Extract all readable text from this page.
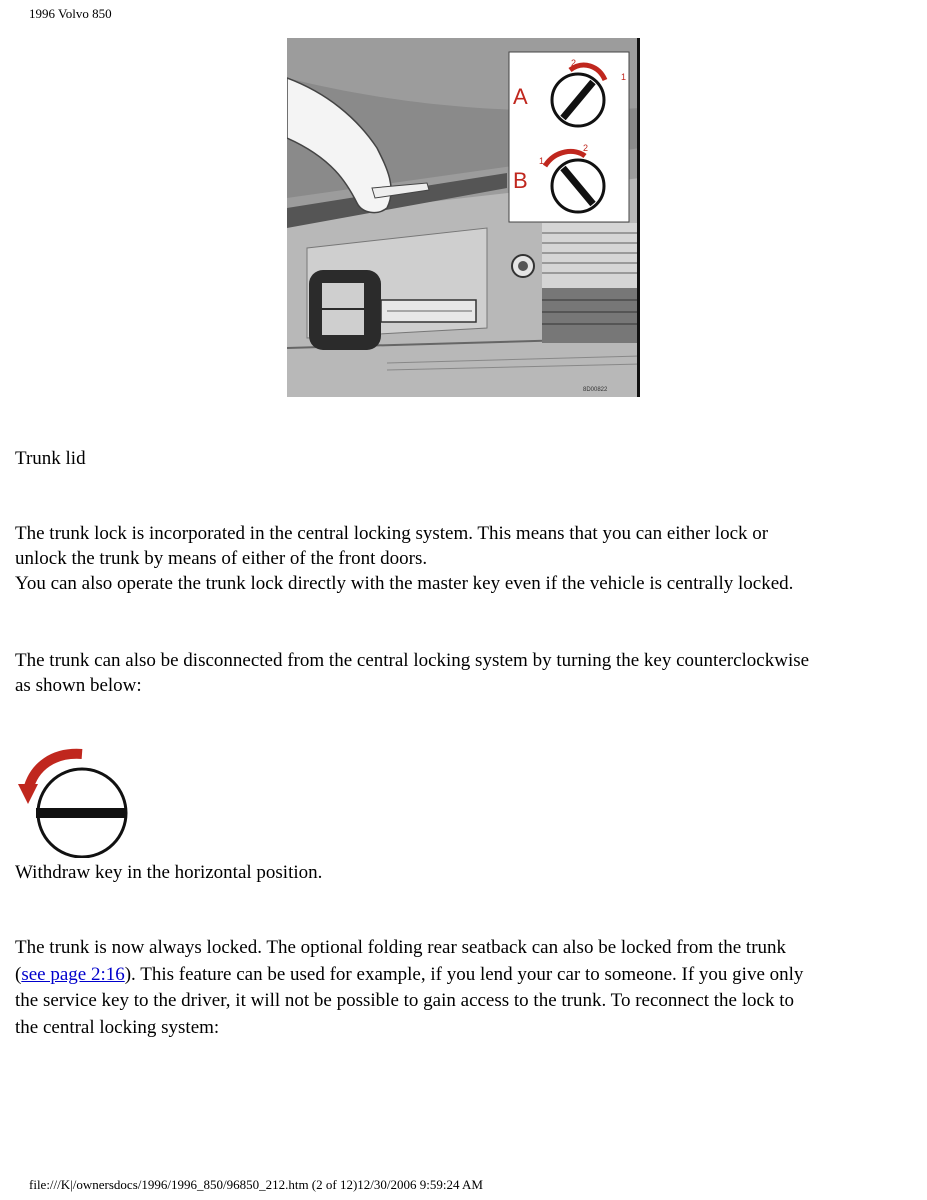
1996 Volvo 850
A
B
2
1
1
2
8D00822

Trunk lid

The trunk lock is incorporated in the central locking system. This means that you can either lock or
unlock the trunk by means of either of the front doors.
You can also operate the trunk lock directly with the master key even if the vehicle is centrally locked.

The trunk can also be disconnected from the central locking system by turning the key counterclockwise
as shown below:

Withdraw key in the horizontal position.

The trunk is now always locked. The optional folding rear seatback can also be locked from the trunk
(see page 2:16). This feature can be used for example, if you lend your car to someone. If you give only
the service key to the driver, it will not be possible to gain access to the trunk. To reconnect the lock to
the central locking system:

file:///K|/ownersdocs/1996/1996_850/96850_212.htm (2 of 12)12/30/2006 9:59:24 AM
